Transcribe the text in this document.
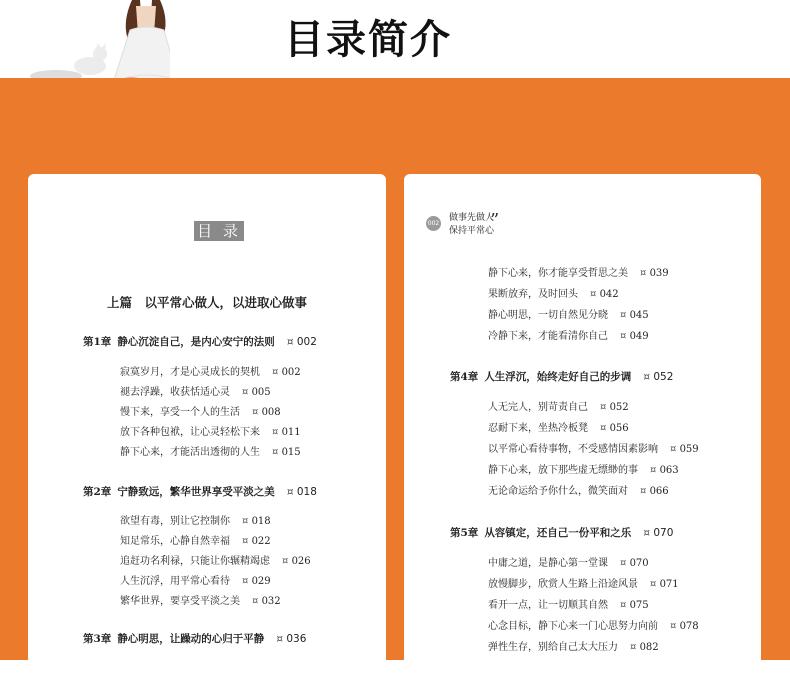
目录简介
目 录
上篇　以平常心做人，以进取心做事
第1章 静心沉淀自己，是内心安宁的法则 ¤ 002
寂寞岁月，才是心灵成长的契机 ¤ 002
褪去浮躁，收获恬适心灵 ¤ 005
慢下来，享受一个人的生活 ¤ 008
放下各种包袱，让心灵轻松下来 ¤ 011
静下心来，才能活出透彻的人生 ¤ 015
第2章 宁静致远，繁华世界享受平淡之美 ¤ 018
欲望有毒，别让它控制你 ¤ 018
知足常乐，心静自然幸福 ¤ 022
追赶功名利禄，只能让你辗精竭虑 ¤ 026
人生沉浮，用平常心看待 ¤ 029
繁华世界，要享受平淡之美 ¤ 032
第3章 静心明思，让躁动的心归于平静 ¤ 036
002
做事先做人
保持平常心
”
静下心来，你才能享受哲思之美 ¤ 039
果断放弃，及时回头 ¤ 042
静心明思，一切自然见分晓 ¤ 045
冷静下来，才能看清你自己 ¤ 049
第4章 人生浮沉，始终走好自己的步调 ¤ 052
人无完人，别苛责自己 ¤ 052
忍耐下来，坐热冷板凳 ¤ 056
以平常心看待事物，不受感情因素影响 ¤ 059
静下心来，放下那些虚无缥缈的事 ¤ 063
无论命运给予你什么，微笑面对 ¤ 066
第5章 从容镇定，还自己一份平和之乐 ¤ 070
中庸之道，是静心第一堂课 ¤ 070
放慢脚步，欣赏人生路上沿途风景 ¤ 071
看开一点，让一切顺其自然 ¤ 075
心念目标，静下心来一门心思努力向前 ¤ 078
弹性生存，别给自己太大压力 ¤ 082
